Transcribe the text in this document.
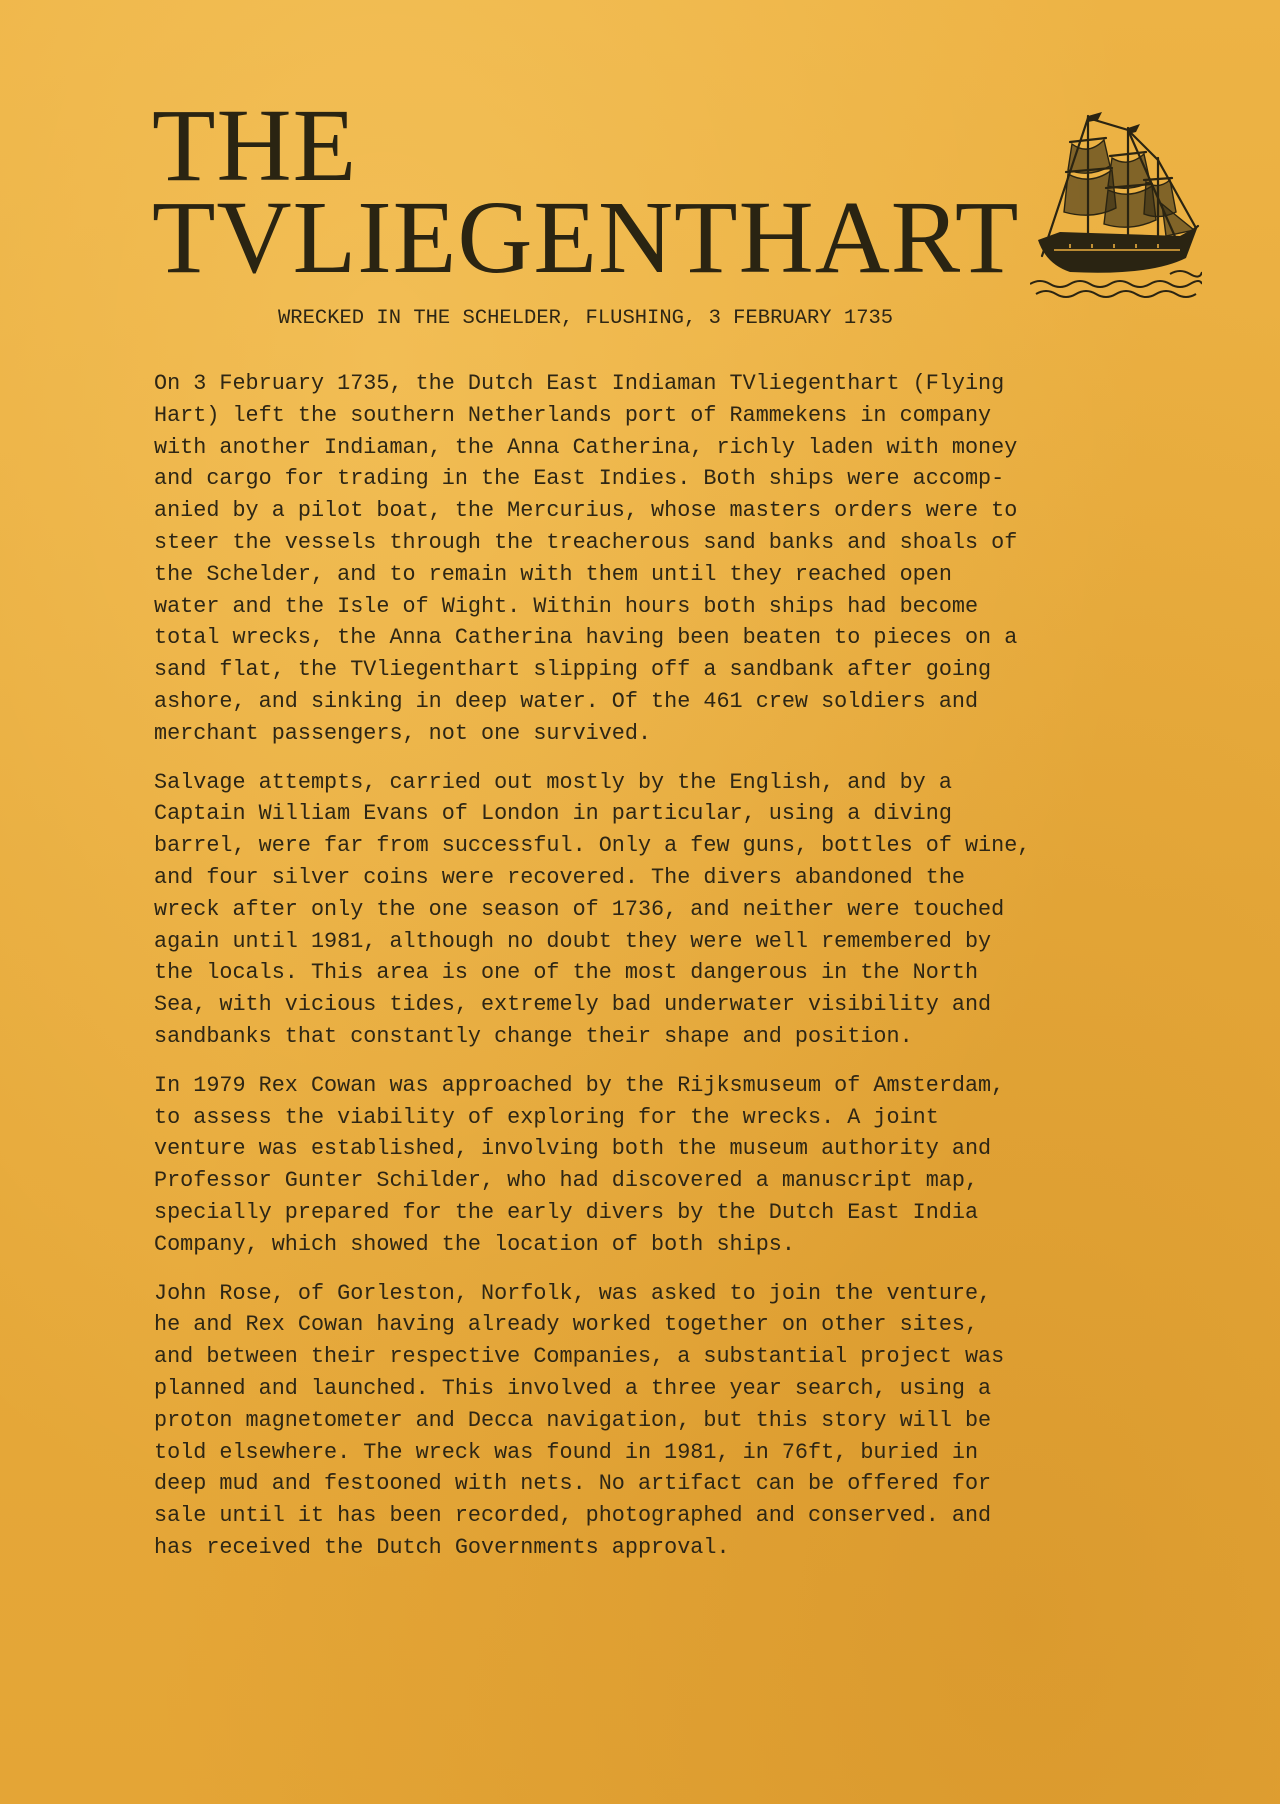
THE
TVLIEGENTHART

WRECKED IN THE SCHELDER, FLUSHING, 3 FEBRUARY 1735

On 3 February 1735, the Dutch East Indiaman TVliegenthart (Flying
Hart) left the southern Netherlands port of Rammekens in company
with another Indiaman, the Anna Catherina, richly laden with money
and cargo for trading in the East Indies. Both ships were accomp-
anied by a pilot boat, the Mercurius, whose masters orders were to
steer the vessels through the treacherous sand banks and shoals of
the Schelder, and to remain with them until they reached open
water and the Isle of Wight. Within hours both ships had become
total wrecks, the Anna Catherina having been beaten to pieces on a
sand flat, the TVliegenthart slipping off a sandbank after going
ashore, and sinking in deep water. Of the 461 crew soldiers and
merchant passengers, not one survived.

Salvage attempts, carried out mostly by the English, and by a
Captain William Evans of London in particular, using a diving
barrel, were far from successful. Only a few guns, bottles of wine,
and four silver coins were recovered. The divers abandoned the
wreck after only the one season of 1736, and neither were touched
again until 1981, although no doubt they were well remembered by
the locals. This area is one of the most dangerous in the North
Sea, with vicious tides, extremely bad underwater visibility and
sandbanks that constantly change their shape and position.

In 1979 Rex Cowan was approached by the Rijksmuseum of Amsterdam,
to assess the viability of exploring for the wrecks. A joint
venture was established, involving both the museum authority and
Professor Gunter Schilder, who had discovered a manuscript map,
specially prepared for the early divers by the Dutch East India
Company, which showed the location of both ships.

John Rose, of Gorleston, Norfolk, was asked to join the venture,
he and Rex Cowan having already worked together on other sites,
and between their respective Companies, a substantial project was
planned and launched. This involved a three year search, using a
proton magnetometer and Decca navigation, but this story will be
told elsewhere. The wreck was found in 1981, in 76ft, buried in
deep mud and festooned with nets. No artifact can be offered for
sale until it has been recorded, photographed and conserved. and
has received the Dutch Governments approval.
